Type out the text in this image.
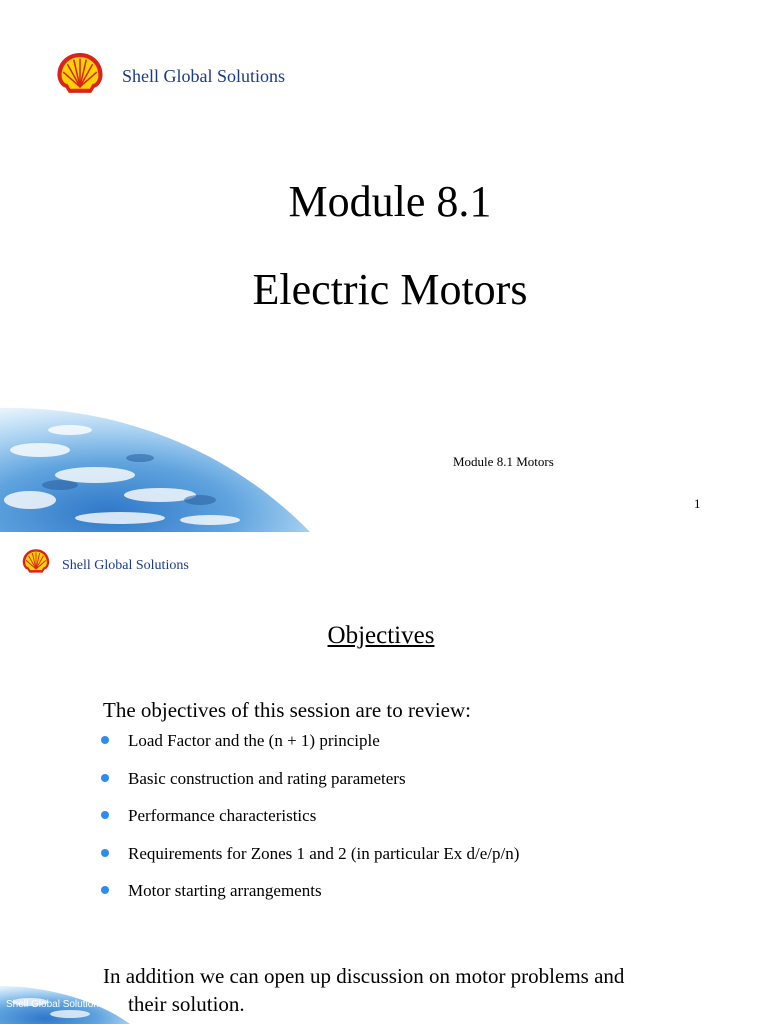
Shell Global Solutions
Module 8.1
Electric Motors
Module 8.1 Motors
1
Shell Global Solutions
Objectives
The objectives of this session are to review:
Load Factor and the (n + 1) principle
Basic construction and rating parameters
Performance characteristics
Requirements for Zones 1 and 2 (in particular Ex d/e/p/n)
Motor starting arrangements
In addition we can open up discussion on motor problems and
their solution.
Shell Global Solutions
